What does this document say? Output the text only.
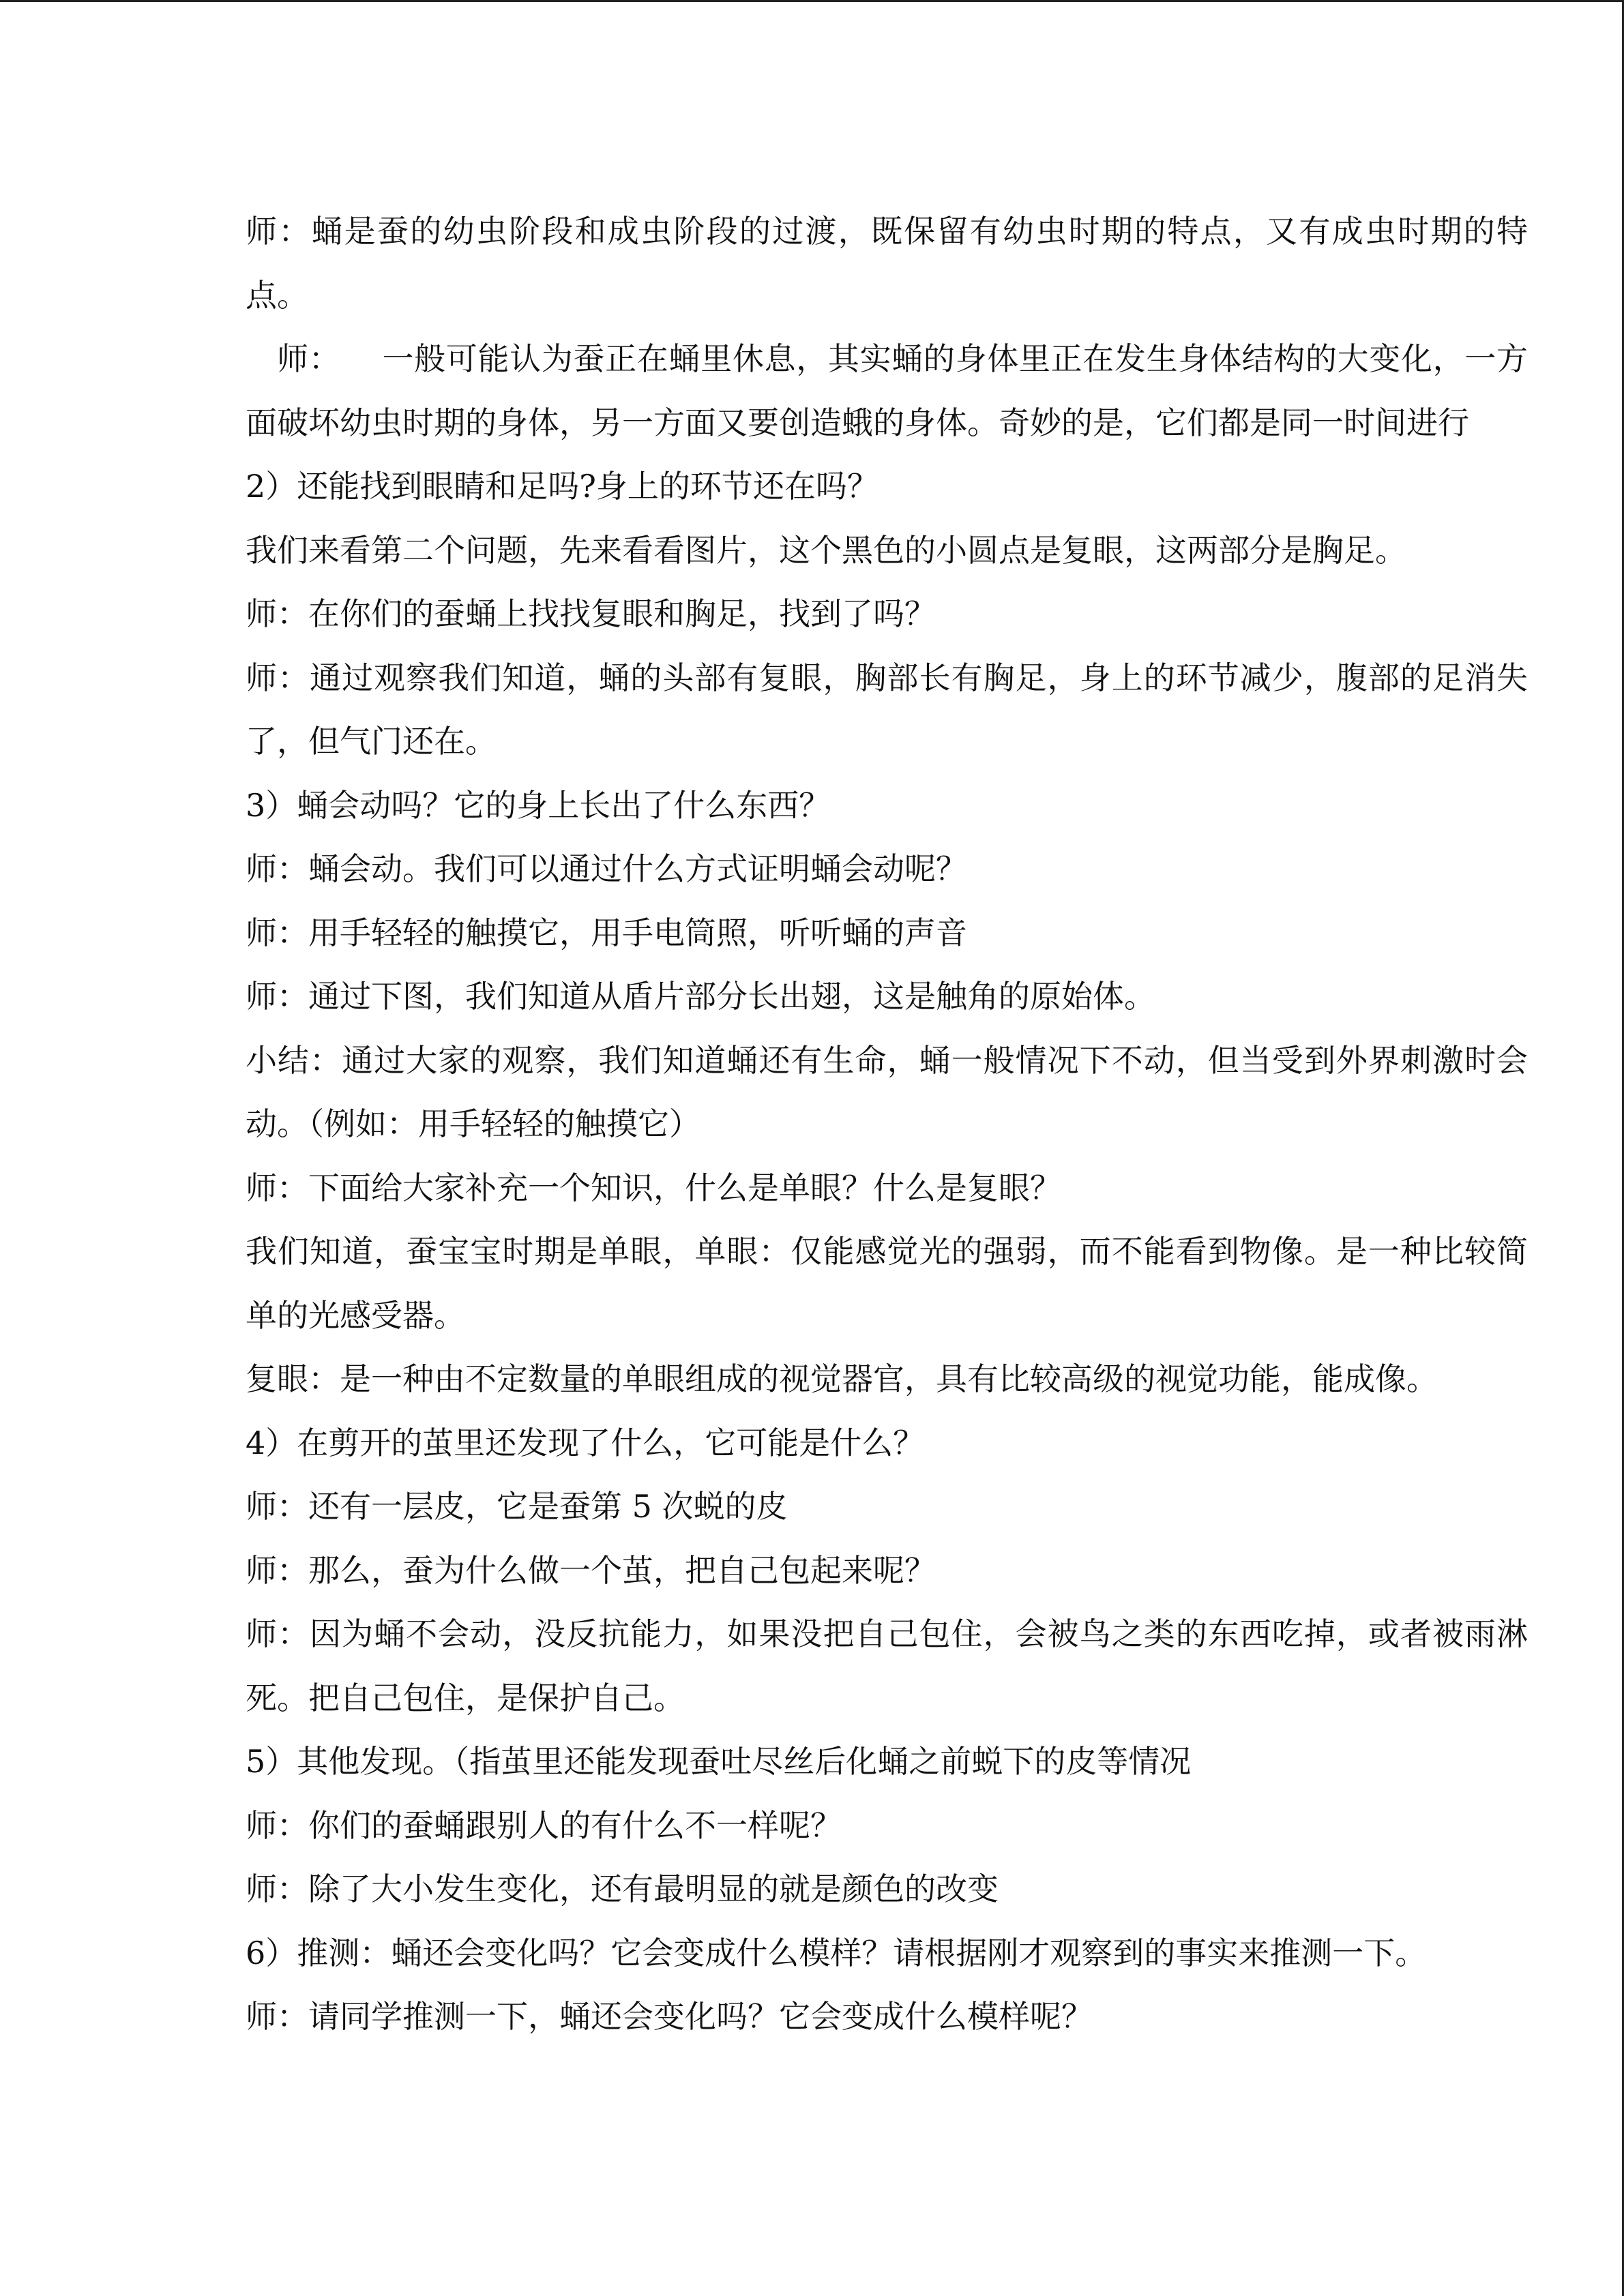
师：蛹是蚕的幼虫阶段和成虫阶段的过渡，既保留有幼虫时期的特点，又有成虫时期的特点。

师：    一般可能认为蚕正在蛹里休息，其实蛹的身体里正在发生身体结构的大变化，一方面破坏幼虫时期的身体，另一方面又要创造蛾的身体。奇妙的是，它们都是同一时间进行

2）还能找到眼睛和足吗?身上的环节还在吗？

我们来看第二个问题，先来看看图片，这个黑色的小圆点是复眼，这两部分是胸足。

师：在你们的蚕蛹上找找复眼和胸足，找到了吗？

师：通过观察我们知道，蛹的头部有复眼，胸部长有胸足，身上的环节减少，腹部的足消失了，但气门还在。

3）蛹会动吗？它的身上长出了什么东西？

师：蛹会动。我们可以通过什么方式证明蛹会动呢？

师：用手轻轻的触摸它，用手电筒照，听听蛹的声音

师：通过下图，我们知道从盾片部分长出翅，这是触角的原始体。

小结：通过大家的观察，我们知道蛹还有生命，蛹一般情况下不动，但当受到外界刺激时会动。（例如：用手轻轻的触摸它）

师：下面给大家补充一个知识，什么是单眼？什么是复眼？

我们知道，蚕宝宝时期是单眼，单眼：仅能感觉光的强弱，而不能看到物像。是一种比较简单的光感受器。

复眼：是一种由不定数量的单眼组成的视觉器官，具有比较高级的视觉功能，能成像。

4）在剪开的茧里还发现了什么，它可能是什么？

师：还有一层皮，它是蚕第 5 次蜕的皮

师：那么，蚕为什么做一个茧，把自己包起来呢？

师：因为蛹不会动，没反抗能力，如果没把自己包住，会被鸟之类的东西吃掉，或者被雨淋死。把自己包住，是保护自己。

5）其他发现。（指茧里还能发现蚕吐尽丝后化蛹之前蜕下的皮等情况

师：你们的蚕蛹跟别人的有什么不一样呢？

师：除了大小发生变化，还有最明显的就是颜色的改变

6）推测：蛹还会变化吗？它会变成什么模样？请根据刚才观察到的事实来推测一下。

师：请同学推测一下，蛹还会变化吗？它会变成什么模样呢？
